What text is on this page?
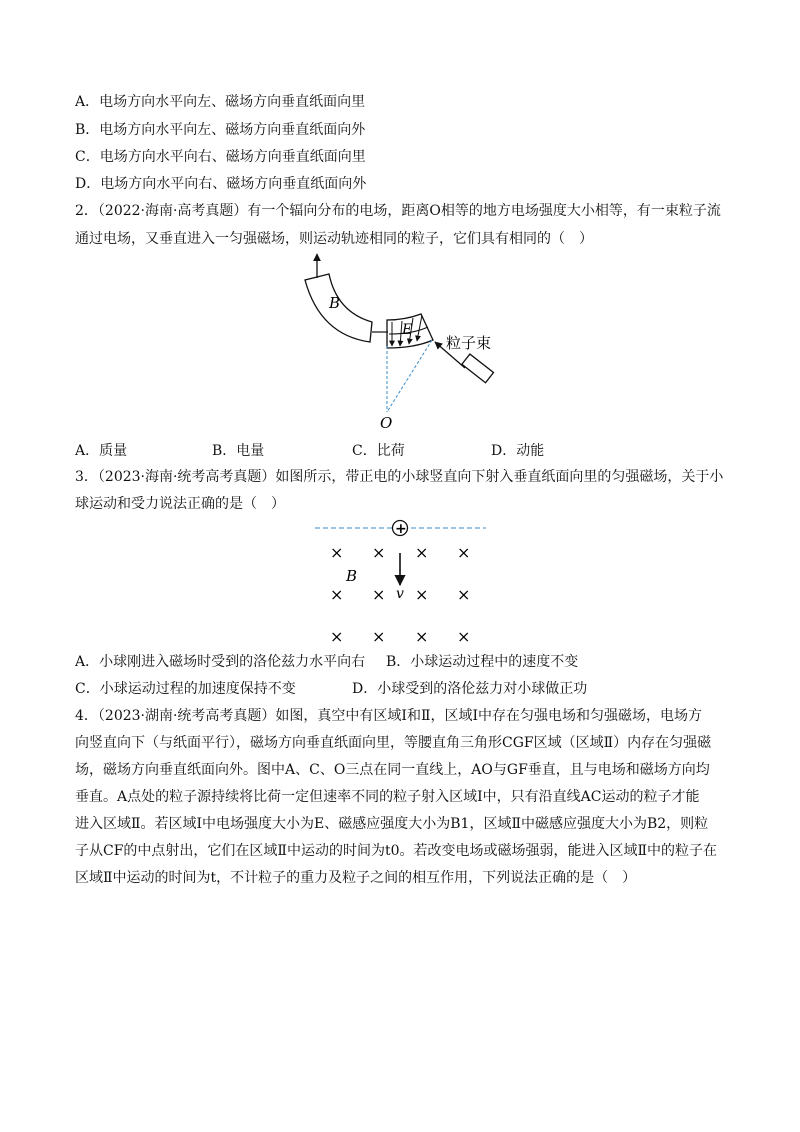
A．电场方向水平向左、磁场方向垂直纸面向里
B．电场方向水平向左、磁场方向垂直纸面向外
C．电场方向水平向右、磁场方向垂直纸面向里
D．电场方向水平向右、磁场方向垂直纸面向外
2．（2022·海南·高考真题）有一个辐向分布的电场，距离O相等的地方电场强度大小相等，有一束粒子流
通过电场，又垂直进入一匀强磁场，则运动轨迹相同的粒子，它们具有相同的（　）
B
E
O
粒子束
A．质量	B．电量	C．比荷	D．动能
3．（2023·海南·统考高考真题）如图所示，带正电的小球竖直向下射入垂直纸面向里的匀强磁场，关于小
球运动和受力说法正确的是（　）
+
v
B
× × × ×
× × × ×
× × × ×
A．小球刚进入磁场时受到的洛伦兹力水平向右 B．小球运动过程中的速度不变
C．小球运动过程的加速度保持不变	D．小球受到的洛伦兹力对小球做正功
4．（2023·湖南·统考高考真题）如图，真空中有区域Ⅰ和Ⅱ，区域Ⅰ中存在匀强电场和匀强磁场，电场方
向竖直向下（与纸面平行），磁场方向垂直纸面向里，等腰直角三角形CGF区域（区域Ⅱ）内存在匀强磁
场，磁场方向垂直纸面向外。图中A、C、O三点在同一直线上，AO与GF垂直，且与电场和磁场方向均
垂直。A点处的粒子源持续将比荷一定但速率不同的粒子射入区域Ⅰ中，只有沿直线AC运动的粒子才能
进入区域Ⅱ。若区域Ⅰ中电场强度大小为E、磁感应强度大小为B1，区域Ⅱ中磁感应强度大小为B2，则粒
子从CF的中点射出，它们在区域Ⅱ中运动的时间为t0。若改变电场或磁场强弱，能进入区域Ⅱ中的粒子在
区域Ⅱ中运动的时间为t，不计粒子的重力及粒子之间的相互作用，下列说法正确的是（　）
